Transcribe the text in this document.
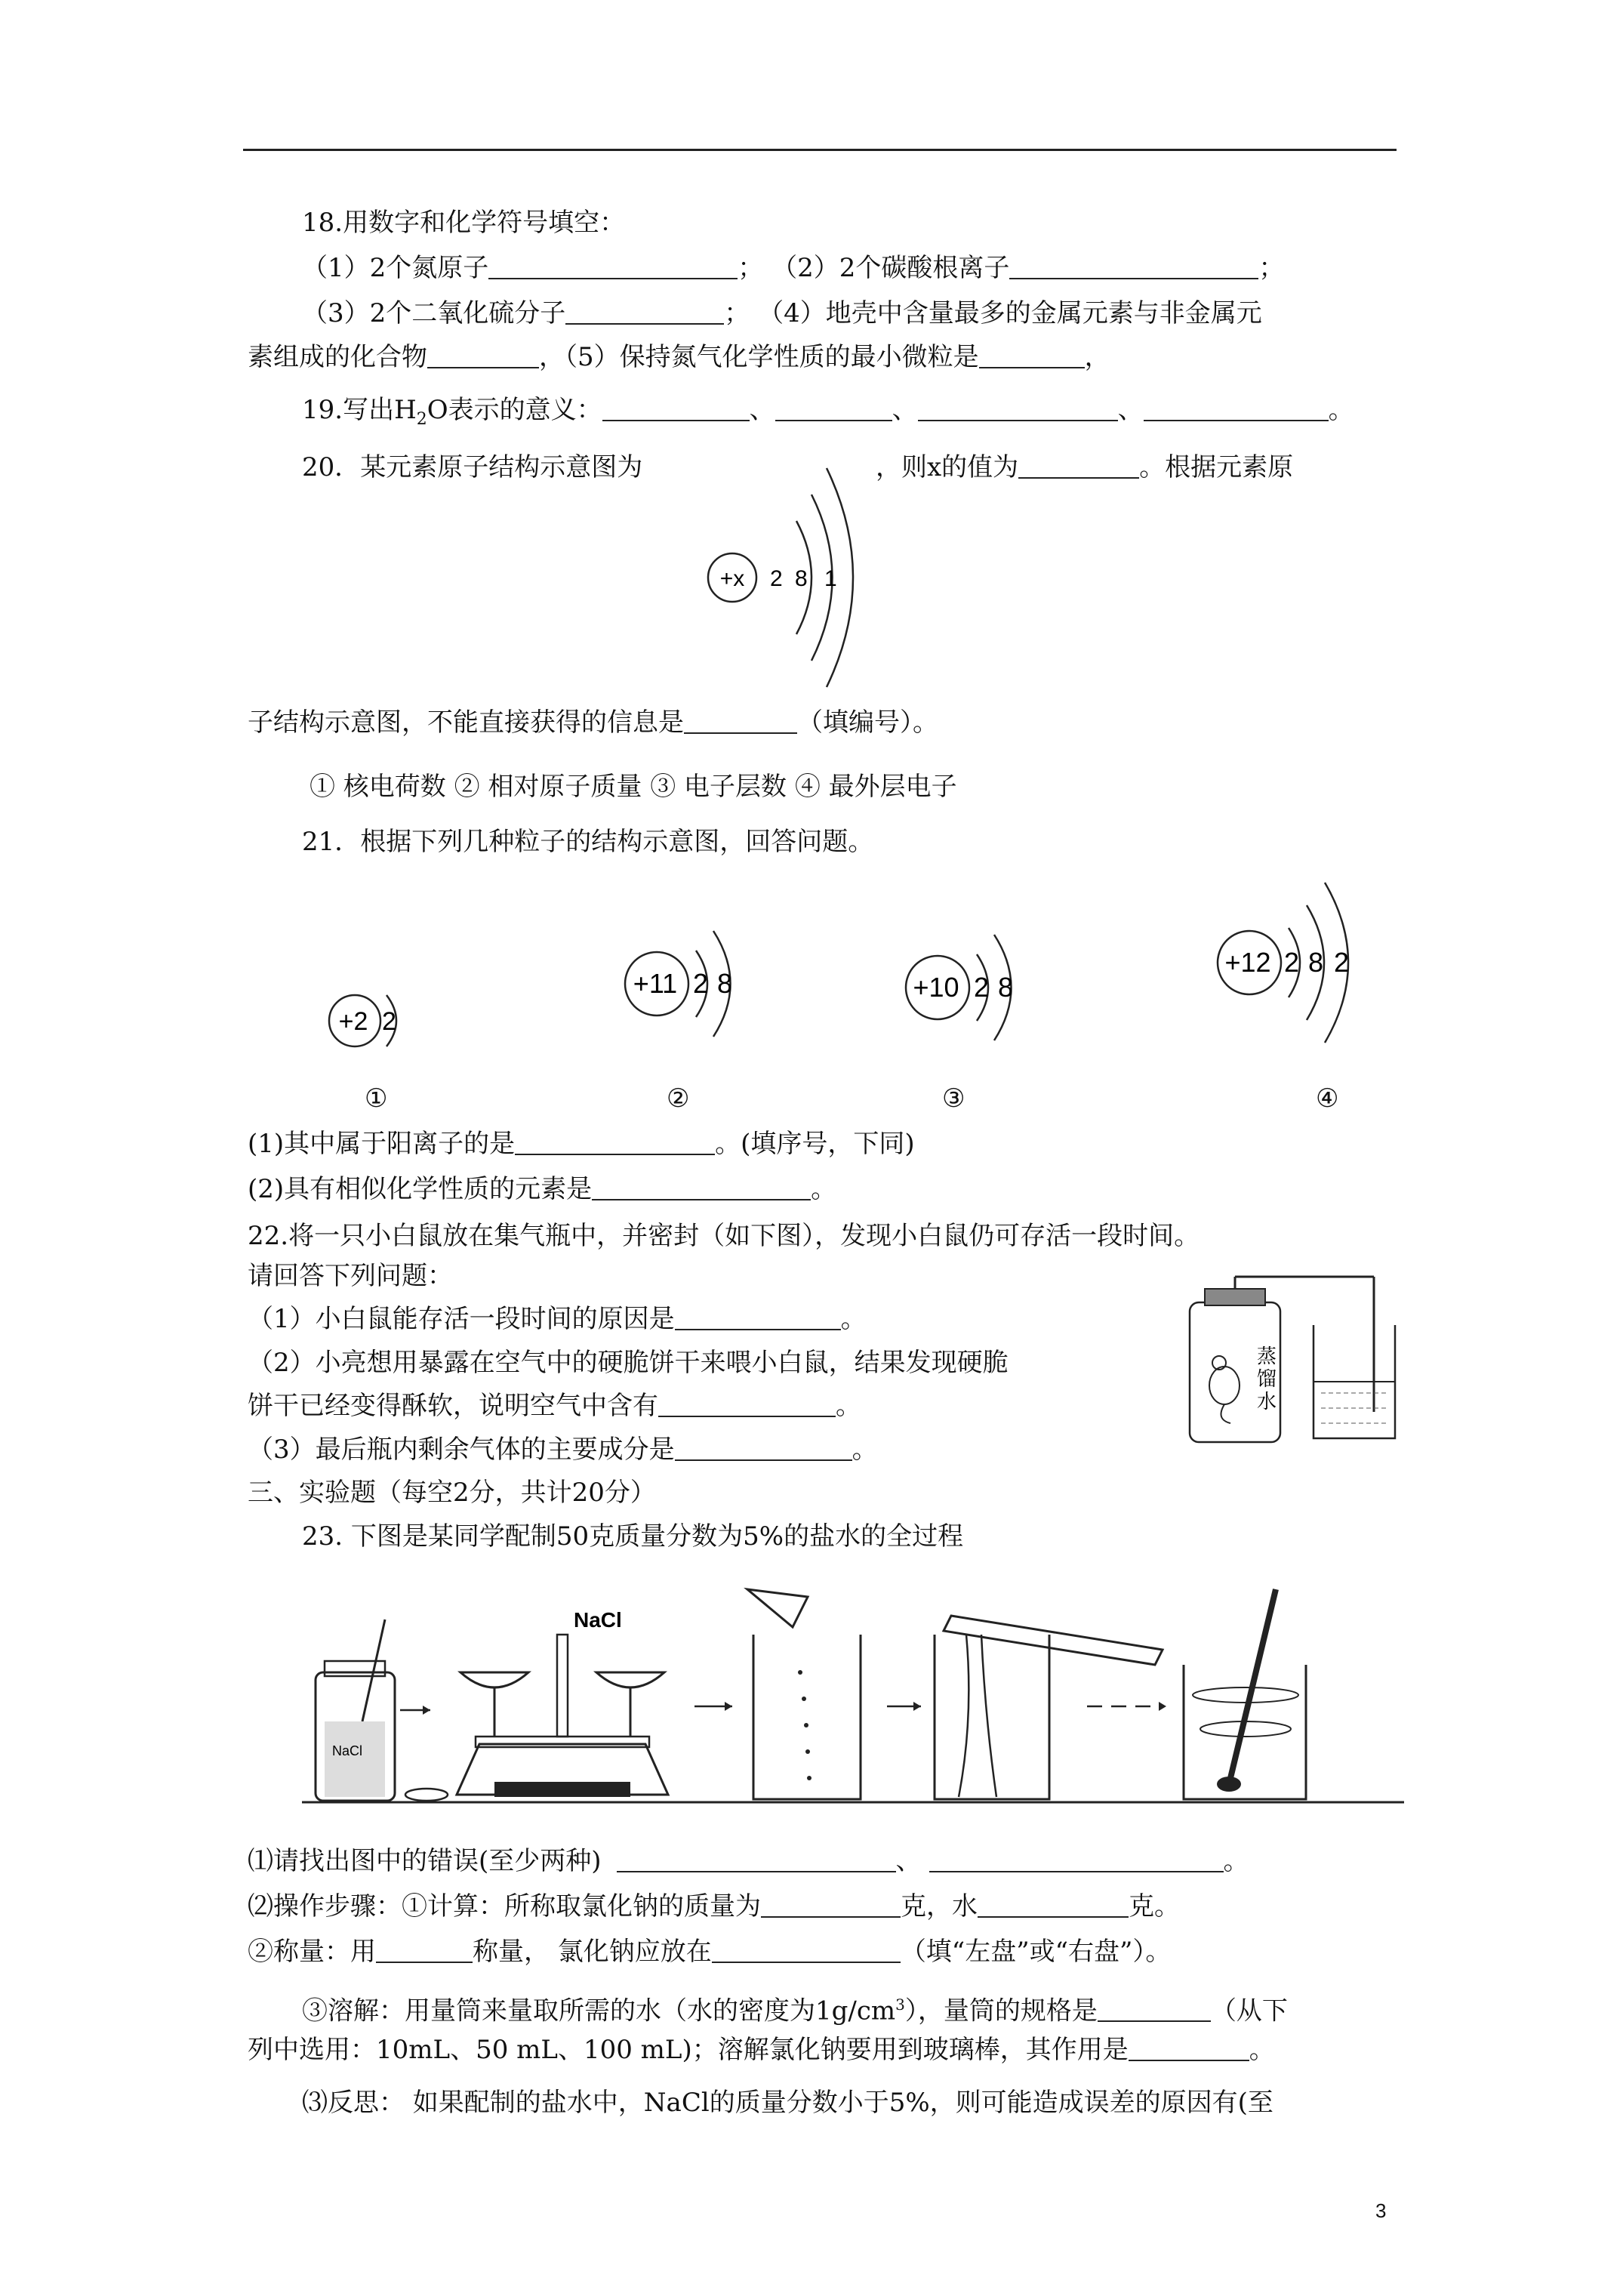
18.用数字和化学符号填空：
（1）2个氮原子	； （2）2个碳酸根离子	；
（3）2个二氧化硫分子	； （4）地壳中含量最多的金属元素与非金属元
素组成的化合物	，（5）保持氮气化学性质的最小微粒是	，
19.写出$H_2O$表示的意义：	、	、	、	。
20．某元素原子结构示意图为	，则x的值为	。根据元素原
+x 2 8 1
子结构示意图，不能直接获得的信息是	（填编号）。
① 核电荷数 ② 相对原子质量 ③ 电子层数 ④ 最外层电子
21．根据下列几种粒子的结构示意图，回答问题。
+2 2
+11 2 8	+10 2 8
+12 2 8 2
①	②	③	④
(1)其中属于阳离子的是	。(填序号，下同)
(2)具有相似化学性质的元素是	。
22.将一只小白鼠放在集气瓶中，并密封（如下图），发现小白鼠仍可存活一段时间。
请回答下列问题：
（1）小白鼠能存活一段时间的原因是	。
（2）小亮想用暴露在空气中的硬脆饼干来喂小白鼠，结果发现硬脆
饼干已经变得酥软，说明空气中含有	。
（3）最后瓶内剩余气体的主要成分是	。
蒸
馏
水
三、实验题（每空2分，共计20分）
23. 下图是某同学配制50克质量分数为5%的盐水的全过程
NaCl
NaCl
⑴请找出图中的错误(至少两种)	、	。
⑵操作步骤：①计算：所称取氯化钠的质量为	克，水	克。
②称量：用	称量， 氯化钠应放在	（填“左盘”或“右盘”）。
③溶解：用量筒来量取所需的水（水的密度为$1g/cm^3$），量筒的规格是	（从下
列中选用：10mL、50 mL、100 mL)；溶解氯化钠要用到玻璃棒，其作用是	。
⑶反思： 如果配制的盐水中，NaCl的质量分数小于5%，则可能造成误差的原因有(至
3
